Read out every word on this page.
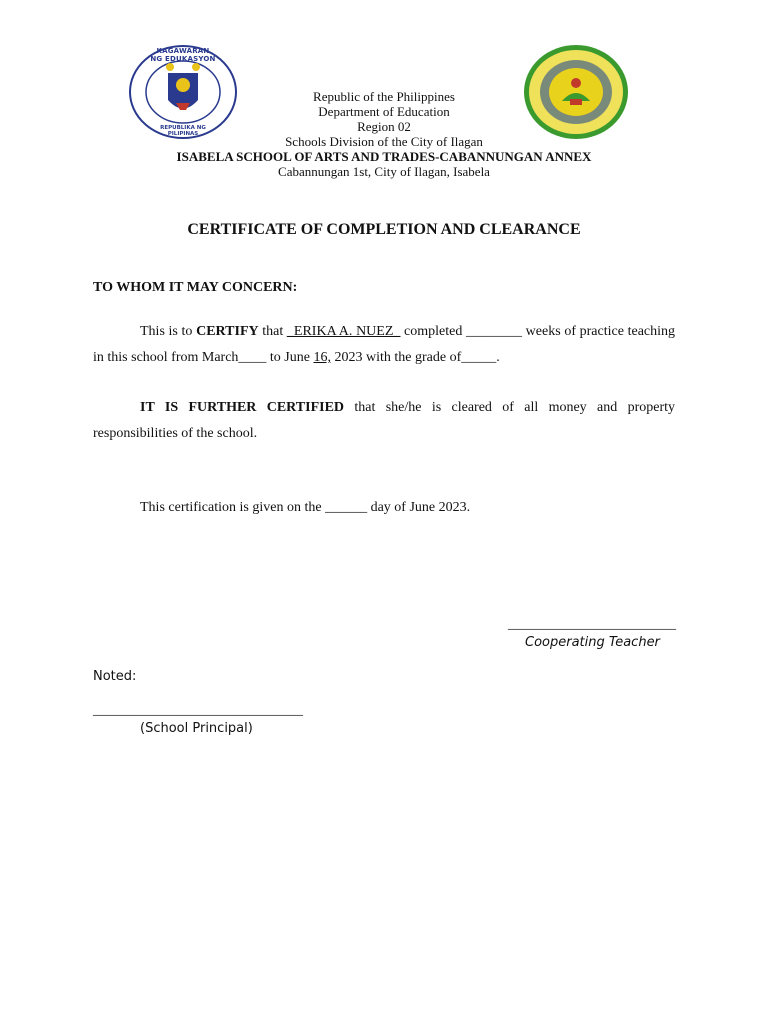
KAGAWARAN NG EDUKASYON
REPUBLIKA NG PILIPINAS
Republic of the Philippines
Department of Education
Region 02
Schools Division of the City of Ilagan
ISABELA SCHOOL OF ARTS AND TRADES-CABANNUNGAN ANNEX
Cabannungan 1st, City of Ilagan, Isabela
CERTIFICATE OF COMPLETION AND CLEARANCE
TO WHOM IT MAY CONCERN:
This is to CERTIFY that _ERIKA A. NUEZ_ completed ________ weeks of practice teaching in this school from March____ to June 16, 2023 with the grade of_____.
IT IS FURTHER CERTIFIED that she/he is cleared of all money and property responsibilities of the school.
This certification is given on the ______ day of June 2023.
________________________
Cooperating Teacher
Noted:
______________________________
(School Principal)
